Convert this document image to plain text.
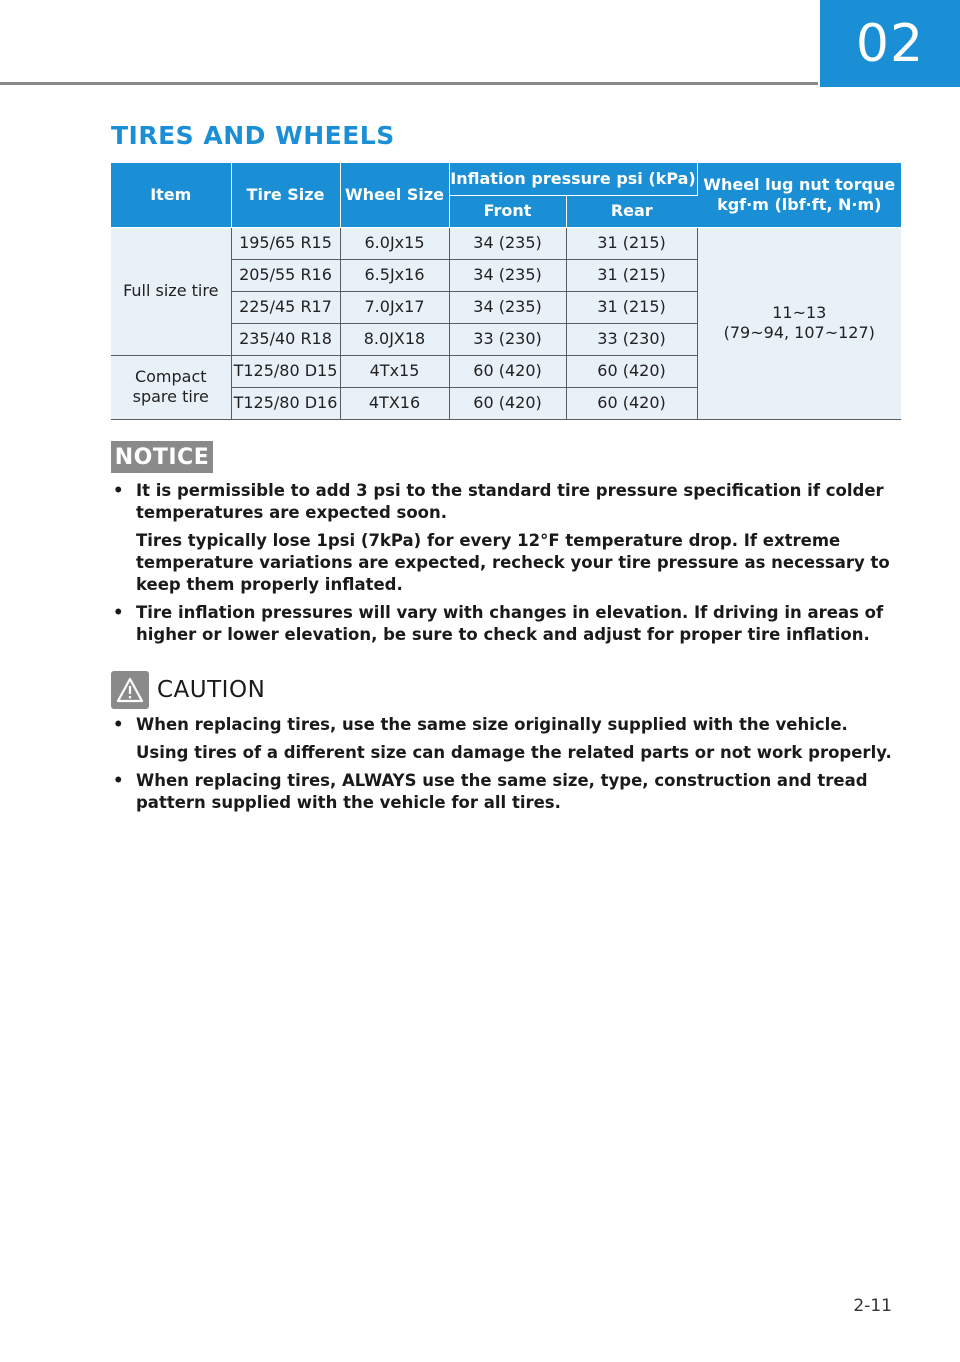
02
TIRES AND WHEELS
Item	Tire Size	Wheel Size	Inflation pressure psi (kPa)		Wheel lug nut torque
kgf·m (lbf·ft, N·m)

			Front	Rear	
Full size tire	195/65 R15	6.0Jx15	34 (235)	31 (215)	11~13
(79~94, 107~127)

	205/55 R16	6.5Jx16	34 (235)	31 (215)	
	225/45 R17	7.0Jx17	34 (235)	31 (215)	
	235/40 R18	8.0JX18	33 (230)	33 (230)	

Compact
spare tire	T125/80 D15	4Tx15	60 (420)	60 (420)	
	T125/80 D16	4TX16	60 (420)	60 (420)	
NOTICE
• It is permissible to add 3 psi to the standard tire pressure specification if colder temperatures are expected soon.

Tires typically lose 1psi (7kPa) for every 12°F temperature drop. If extreme temperature variations are expected, recheck your tire pressure as necessary to keep them properly inflated.

• Tire inflation pressures will vary with changes in elevation. If driving in areas of higher or lower elevation, be sure to check and adjust for proper tire inflation.

CAUTION
• When replacing tires, use the same size originally supplied with the vehicle.

Using tires of a different size can damage the related parts or not work properly.

• When replacing tires, ALWAYS use the same size, type, construction and tread pattern supplied with the vehicle for all tires.

2-11
